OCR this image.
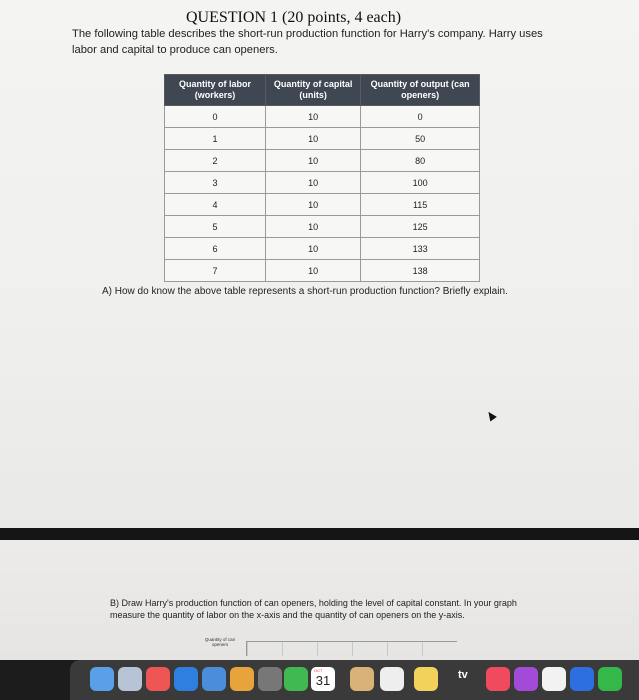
QUESTION 1 (20 points, 4 each)
The following table describes the short-run production function for Harry's company. Harry uses labor and capital to produce can openers.
Quantity of labor (workers)	Quantity of capital (units)	Quantity of output (can openers)
0	10	0
1	10	50
2	10	80
3	10	100
4	10	115
5	10	125
6	10	133
7	10	138
A) How do know the above table represents a short-run production function? Briefly explain.
B) Draw Harry's production function of can openers, holding the level of capital constant. In your graph measure the quantity of labor on the x-axis and the quantity of can openers on the y-axis.
Quantity of can openers
31
OCT	tv
